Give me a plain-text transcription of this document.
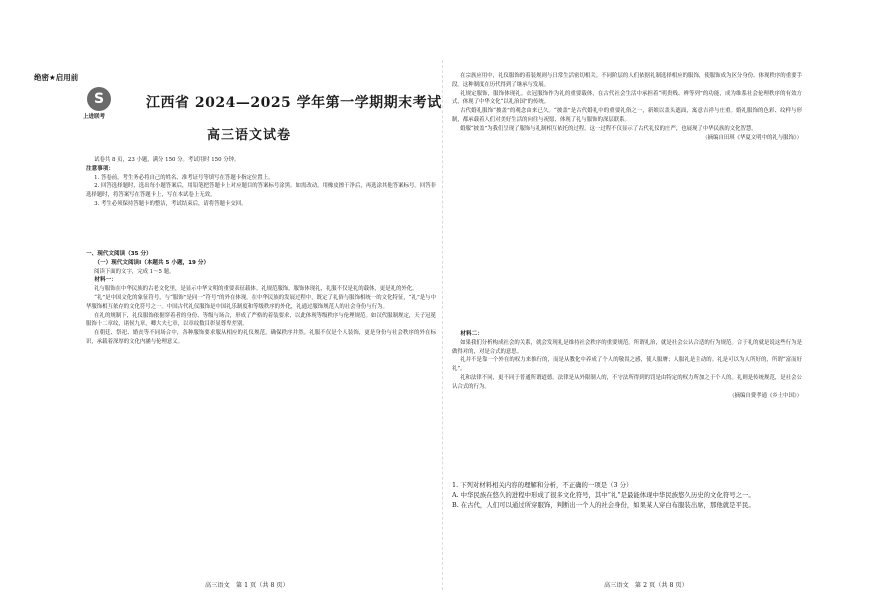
绝密★启用前
S
上进联考
江西省 2024—2025 学年第一学期期末考试
高三语文试卷

试卷共 8 页，23 小题，满分 150 分。考试用时 150 分钟。

注意事项：

1. 答卷前，考生务必将自己的姓名、准考证号等填写在答题卡指定位置上。

2. 回答选择题时，选出每小题答案后，用铅笔把答题卡上对应题目的答案标号涂黑。如需改动，用橡皮擦干净后，再选涂其他答案标号。回答非选择题时，将答案写在答题卡上，写在本试卷上无效。

3. 考生必须保持答题卡的整洁，考试结束后，请将答题卡交回。

一、现代文阅读（35 分）

（一）现代文阅读Ⅰ（本题共 5 小题，19 分）

阅读下面的文字，完成 1～5 题。

材料一：

礼与服饰在中华民族的古老文化里，是显示中华文明的重要表征载体。礼规范服饰，服饰体现礼，礼服不仅是礼的载体，更是礼的外化。

“礼”是中国文化的象征符号，与“服饰”是同一“符号”的外在体现。在中华民族的发展过程中，既定了礼俗与服饰相统一的文化特征，“礼”是与中华服饰相互依存的文化符号之一。中国古代礼仪服饰是中国礼乐制度和等级秩序的外化，礼通过服饰规范人的社会身份与行为。

在礼的规制下，礼仪服饰依据穿着者的身份、等级与场合，形成了严格的着装要求，以此体现等级秩序与伦理规范。如汉代服制规定，天子冠冕服饰十二章纹，诸侯九章，卿大夫七章，以章纹数目彰显尊卑差别。

在朝廷、祭祀、婚丧等不同场合中，各种服饰要求服从相应的礼仪规范，确保秩序井然。礼服不仅是个人装饰，更是身份与社会秩序的外在标识，承载着深厚的文化内涵与伦理意义。

高三语文　第 1 页（共 8 页）

在宗族应用中，礼仪服饰的着装规则与日常生活密切相关。不同阶层的人们依据礼制选择相应的服饰，使服饰成为区分身份、体现秩序的重要手段。这种制度在历代得到了继承与发展。

礼规定服饰，服饰体现礼。衣冠服饰作为礼的重要载体，在古代社会生活中承担着“明贵贱、辨等列”的功能，成为维系社会伦理秩序的有效方式，体现了中华文化“以礼治国”的传统。

古代婚礼服饰“披盖”的观念由来已久。“披盖”是古代婚礼中的重要礼俗之一，新娘以盖头遮面，寓意吉祥与庄重。婚礼服饰的色彩、纹样与形制，都承载着人们对美好生活的向往与祝愿，体现了礼与服饰的深层联系。

婚服“披盖”为我们呈现了服饰与礼制相互依托的过程。这一过程不仅显示了古代礼仪的庄严，也展现了中华民族的文化智慧。

（摘编自田琪《华夏文明中的礼与服饰》）

材料二：

如果我们分析构成社会的关系，就会发现礼是维持社会秩序的重要规范。所谓礼治，就是社会公认合适的行为规范。合于礼的就是说这些行为是做得对的，对是合式的意思。

礼并不是靠一个外在的权力来推行的，而是从教化中养成了个人的敬畏之感，使人服膺；人服礼是主动的。礼是可以为人所好的，所谓“富而好礼”。

礼和法律不同，更不同于普通所谓道德。法律是从外限制人的，不守法所得到的罚是由特定的权力所加之于个人的。礼则是传统规范，是社会公认合式的行为。

（摘编自费孝通《乡土中国》）

1. 下列对材料相关内容的理解和分析，不正确的一项是（3 分）

A. 中华民族在悠久的进程中形成了很多文化符号，其中“礼”是最能体现中华民族悠久历史的文化符号之一。

B. 在古代，人们可以通过所穿服饰，判断出一个人的社会身份，如果某人穿白布服装出席，那他就是平民。

高三语文　第 2 页（共 8 页）
